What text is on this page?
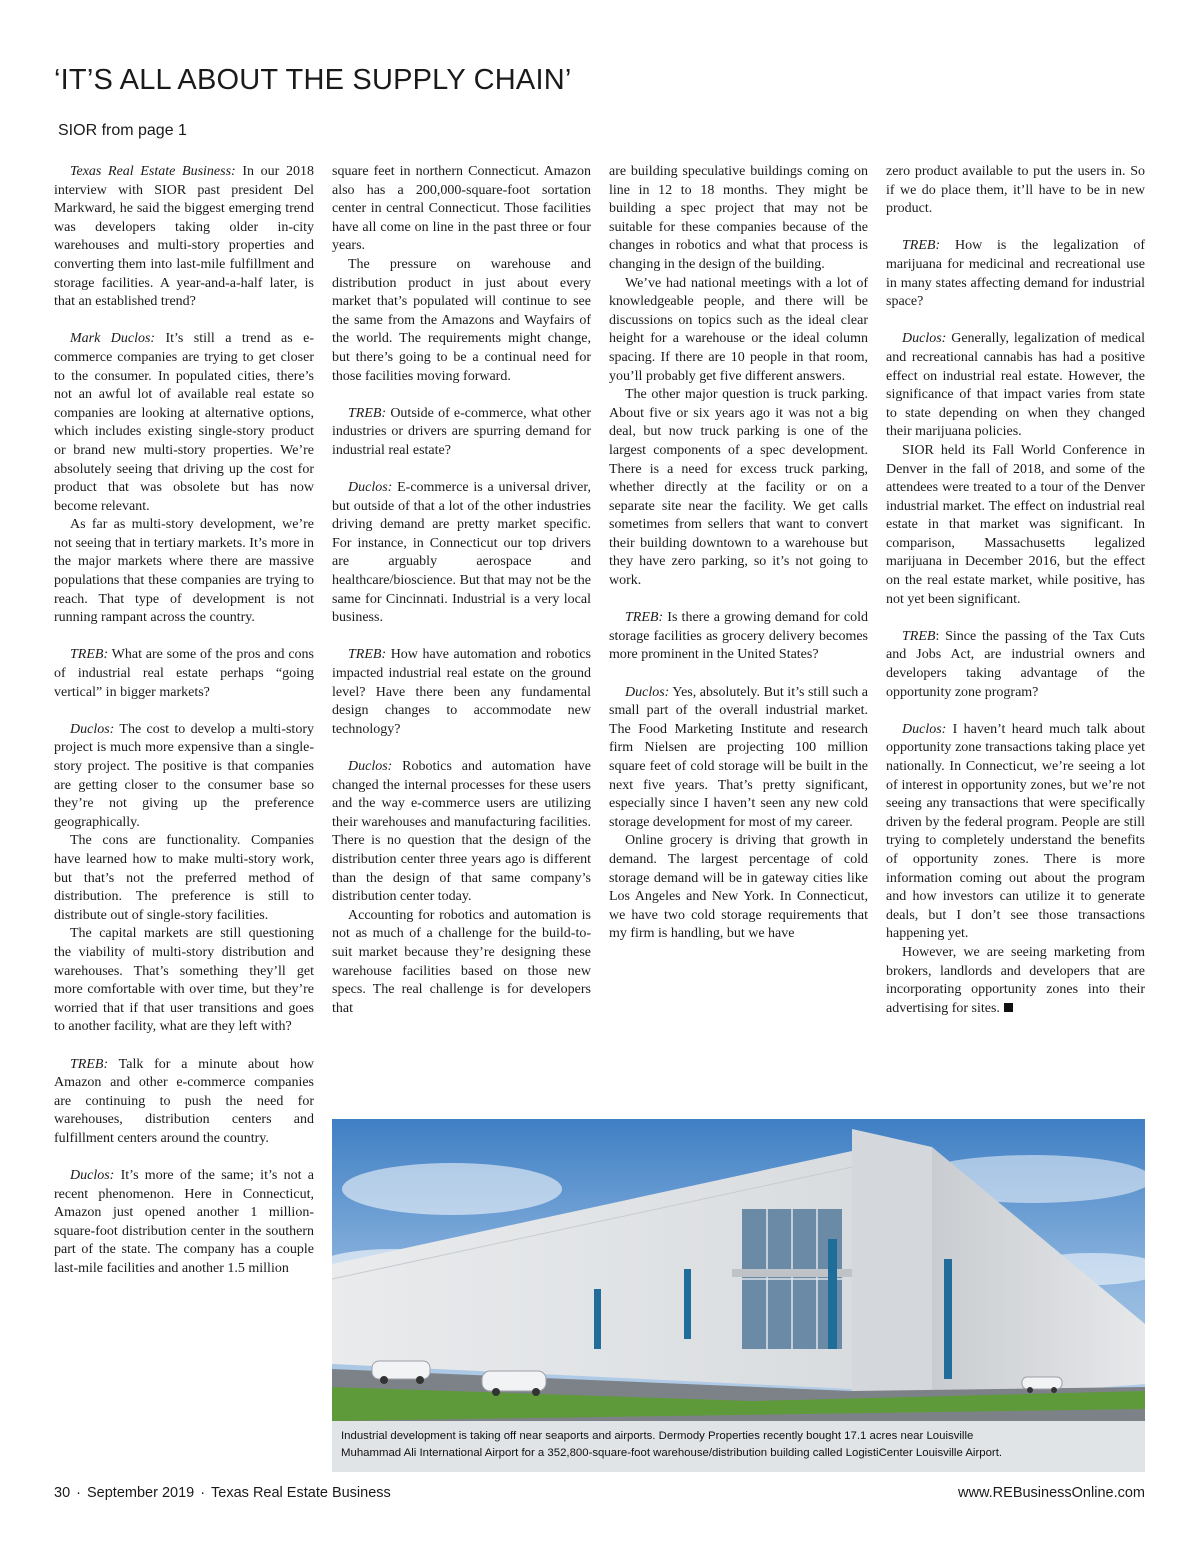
‘IT’S ALL ABOUT THE SUPPLY CHAIN’
SIOR from page 1

Texas Real Estate Business: In our 2018 interview with SIOR past president Del Markward, he said the biggest emerging trend was developers taking older in-city warehouses and multi-story properties and converting them into last-mile fulfillment and storage facilities. A year-and-a-half later, is that an established trend?

Mark Duclos: It’s still a trend as e-commerce companies are trying to get closer to the consumer. In populated cities, there’s not an awful lot of available real estate so companies are looking at alternative options, which includes existing single-story product or brand new multi-story properties. We’re absolutely seeing that driving up the cost for product that was obsolete but has now become relevant.

As far as multi-story development, we’re not seeing that in tertiary markets. It’s more in the major markets where there are massive populations that these companies are trying to reach. That type of development is not running rampant across the country.

TREB: What are some of the pros and cons of industrial real estate perhaps “going vertical” in bigger markets?

Duclos: The cost to develop a multi-story project is much more expensive than a single-story project. The positive is that companies are getting closer to the consumer base so they’re not giving up the preference geographically.

The cons are functionality. Companies have learned how to make multi-story work, but that’s not the preferred method of distribution. The preference is still to distribute out of single-story facilities.

The capital markets are still questioning the viability of multi-story distribution and warehouses. That’s something they’ll get more comfortable with over time, but they’re worried that if that user transitions and goes to another facility, what are they left with?

TREB: Talk for a minute about how Amazon and other e-commerce companies are continuing to push the need for warehouses, distribution centers and fulfillment centers around the country.

Duclos: It’s more of the same; it’s not a recent phenomenon. Here in Connecticut, Amazon just opened another 1 million-square-foot distribution center in the southern part of the state. The company has a couple last-mile facilities and another 1.5 million

square feet in northern Connecticut. Amazon also has a 200,000-square-foot sortation center in central Connecticut. Those facilities have all come on line in the past three or four years.

The pressure on warehouse and distribution product in just about every market that’s populated will continue to see the same from the Amazons and Wayfairs of the world. The requirements might change, but there’s going to be a continual need for those facilities moving forward.

TREB: Outside of e-commerce, what other industries or drivers are spurring demand for industrial real estate?

Duclos: E-commerce is a universal driver, but outside of that a lot of the other industries driving demand are pretty market specific. For instance, in Connecticut our top drivers are arguably aerospace and healthcare/bioscience. But that may not be the same for Cincinnati. Industrial is a very local business.

TREB: How have automation and robotics impacted industrial real estate on the ground level? Have there been any fundamental design changes to accommodate new technology?

Duclos: Robotics and automation have changed the internal processes for these users and the way e-commerce users are utilizing their warehouses and manufacturing facilities. There is no question that the design of the distribution center three years ago is different than the design of that same company’s distribution center today.

Accounting for robotics and automation is not as much of a challenge for the build-to-suit market because they’re designing these warehouse facilities based on those new specs. The real challenge is for developers that

are building speculative buildings coming on line in 12 to 18 months. They might be building a spec project that may not be suitable for these companies because of the changes in robotics and what that process is changing in the design of the building.

We’ve had national meetings with a lot of knowledgeable people, and there will be discussions on topics such as the ideal clear height for a warehouse or the ideal column spacing. If there are 10 people in that room, you’ll probably get five different answers.

The other major question is truck parking. About five or six years ago it was not a big deal, but now truck parking is one of the largest components of a spec development. There is a need for excess truck parking, whether directly at the facility or on a separate site near the facility. We get calls sometimes from sellers that want to convert their building downtown to a warehouse but they have zero parking, so it’s not going to work.

TREB: Is there a growing demand for cold storage facilities as grocery delivery becomes more prominent in the United States?

Duclos: Yes, absolutely. But it’s still such a small part of the overall industrial market. The Food Marketing Institute and research firm Nielsen are projecting 100 million square feet of cold storage will be built in the next five years. That’s pretty significant, especially since I haven’t seen any new cold storage development for most of my career.

Online grocery is driving that growth in demand. The largest percentage of cold storage demand will be in gateway cities like Los Angeles and New York. In Connecticut, we have two cold storage requirements that my firm is handling, but we have

zero product available to put the users in. So if we do place them, it’ll have to be in new product.

TREB: How is the legalization of marijuana for medicinal and recreational use in many states affecting demand for industrial space?

Duclos: Generally, legalization of medical and recreational cannabis has had a positive effect on industrial real estate. However, the significance of that impact varies from state to state depending on when they changed their marijuana policies.

SIOR held its Fall World Conference in Denver in the fall of 2018, and some of the attendees were treated to a tour of the Denver industrial market. The effect on industrial real estate in that market was significant. In comparison, Massachusetts legalized marijuana in December 2016, but the effect on the real estate market, while positive, has not yet been significant.

TREB: Since the passing of the Tax Cuts and Jobs Act, are industrial owners and developers taking advantage of the opportunity zone program?

Duclos: I haven’t heard much talk about opportunity zone transactions taking place yet nationally. In Connecticut, we’re seeing a lot of interest in opportunity zones, but we’re not seeing any transactions that were specifically driven by the federal program. People are still trying to completely understand the benefits of opportunity zones. There is more information coming out about the program and how investors can utilize it to generate deals, but I don’t see those transactions happening yet.

However, we are seeing marketing from brokers, landlords and developers that are incorporating opportunity zones into their advertising for sites.

Industrial development is taking off near seaports and airports. Dermody Properties recently bought 17.1 acres near Louisville
Muhammad Ali International Airport for a 352,800-square-foot warehouse/distribution building called LogistiCenter Louisville Airport.
30 · September 2019 · Texas Real Estate Business	www.REBusinessOnline.com
